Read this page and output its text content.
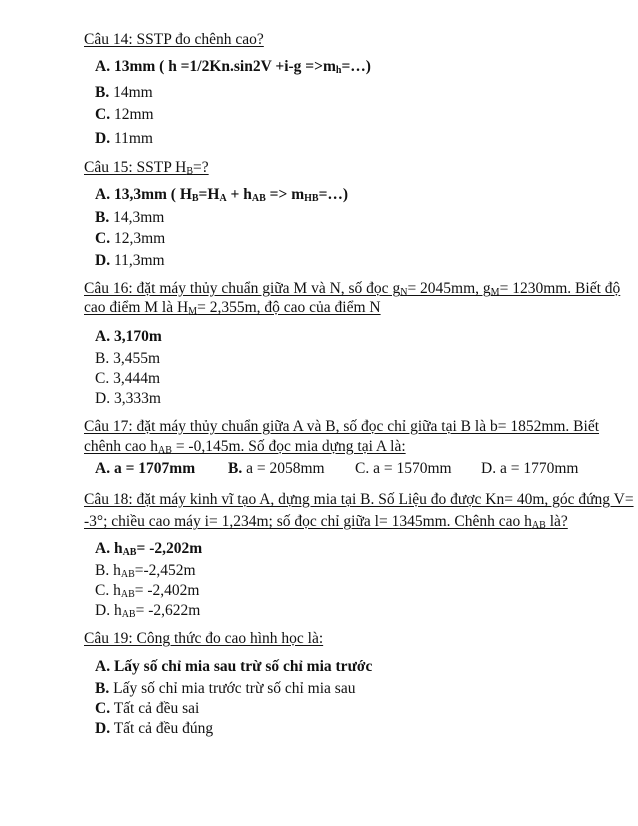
Câu 14: SSTP đo chênh cao?
A. 13mm ( $h =1/2Kn.\sin 2V +i-g =>m_h=\dots$)
B. 14mm
C. 12mm
D. 11mm
Câu 15: SSTP $H_B=$?
A. 13,3mm ( $H_B=H_A + h_{AB}$ => $m_{HB}=\dots$)
B. 14,3mm
C. 12,3mm
D. 11,3mm
Câu 16: đặt máy thủy chuẩn giữa M và N, số đọc $g_N= 2045mm$, $g_M= 1230mm$. Biết độ
cao điểm M là $H_M= 2,355m$, độ cao của điểm N
A. 3,170m
B. 3,455m
C. 3,444m
D. 3,333m
Câu 17: đặt máy thủy chuẩn giữa A và B, số đọc chỉ giữa tại B là b= 1852mm. Biết
chênh cao $h_{AB} = -0,145m$. Số đọc mia dựng tại A là:
A. a = 1707mm B. a = 2058mm C. a = 1570mm D. a = 1770mm
Câu 18: đặt máy kinh vĩ tạo A, dựng mia tại B. Số Liệu đo được Kn= 40m, góc đứng V=
-3°; chiều cao máy i= 1,234m; số đọc chỉ giữa l= 1345mm. Chênh cao $h_{AB}$ là?
A. $h_{AB}= -2,202m$
B. $h_{AB}=-2,452m$
C. $h_{AB}= -2,402m$
D. $h_{AB}= -2,622m$
Câu 19: Công thức đo cao hình học là:
A. Lấy số chỉ mia sau trừ số chỉ mia trước
B. Lấy số chỉ mia trước trừ số chỉ mia sau
C. Tất cả đều sai
D. Tất cả đều đúng
